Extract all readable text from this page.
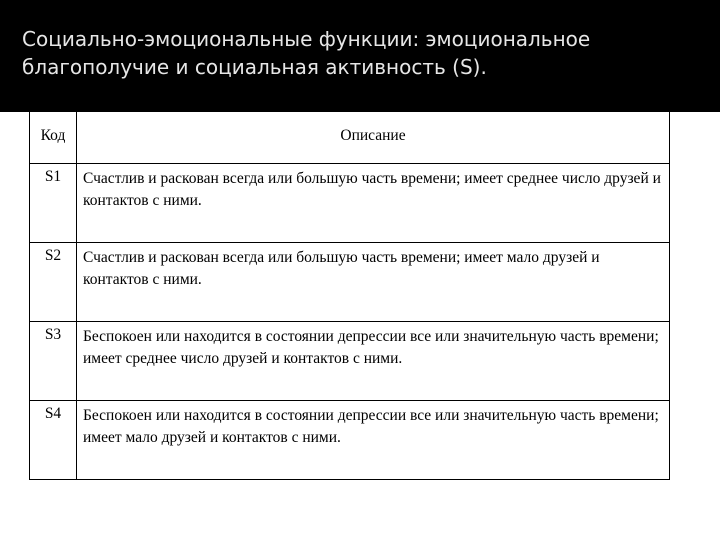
Социально-эмоциональные функции: эмоциональное благополучие и социальная активность (S).
Код	Описание
S1	Счастлив и раскован всегда или большую часть времени; имеет среднее число друзей и контактов с ними.
S2	Счастлив и раскован всегда или большую часть времени; имеет мало друзей и контактов с ними.
S3	Беспокоен или находится в состоянии депрессии все или значительную часть времени; имеет среднее число друзей и контактов с ними.
S4	Беспокоен или находится в состоянии депрессии все или значительную часть времени; имеет мало друзей и контактов с ними.
